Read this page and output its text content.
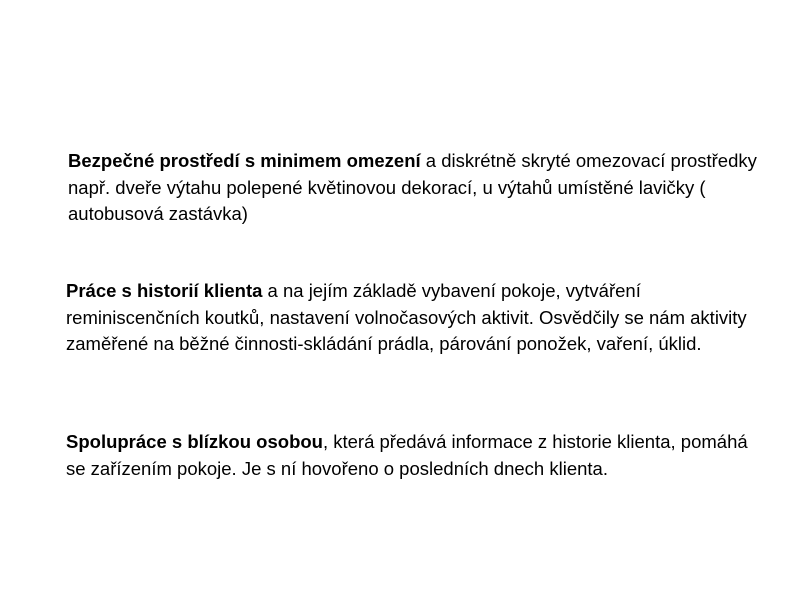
Bezpečné prostředí s minimem omezení a diskrétně skryté omezovací prostředky např. dveře výtahu polepené květinovou dekorací, u výtahů umístěné lavičky ( autobusová zastávka)

Práce s historií klienta a na jejím základě vybavení pokoje, vytváření reminiscenčních koutků, nastavení volnočasových aktivit. Osvědčily se nám aktivity zaměřené na běžné činnosti-skládání prádla, párování ponožek, vaření, úklid.

Spolupráce s blízkou osobou, která předává informace z historie klienta, pomáhá se zařízením pokoje. Je s ní hovořeno o posledních dnech klienta.
